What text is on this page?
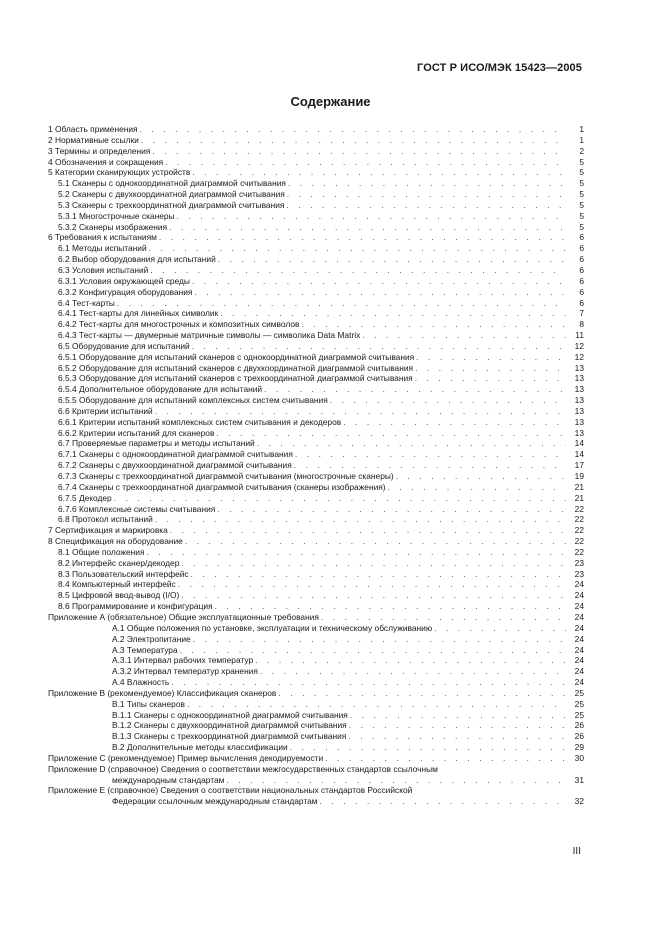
ГОСТ Р ИСО/МЭК 15423—2005
Содержание
1 Область применения . . .	1
2 Нормативные ссылки . . .	1
3 Термины и определения . . .	2
4 Обозначения и сокращения . . .	5
5 Категории сканирующих устройств . . .	5
5.1 Сканеры с однокоординатной диаграммой считывания . . .	5
5.2 Сканеры с двухкоординатной диаграммой считывания . . .	5
5.3 Сканеры с трехкоординатной диаграммой считывания . . .	5
5.3.1 Многострочные сканеры . . .	5
5.3.2 Сканеры изображения . . .	5
6 Требования к испытаниям . . .	6
6.1 Методы испытаний . . .	6
6.2 Выбор оборудования для испытаний . . .	6
6.3 Условия испытаний . . .	6
6.3.1 Условия окружающей среды . . .	6
6.3.2 Конфигурация оборудования . . .	6
6.4 Тест-карты . . .	6
6.4.1 Тест-карты для линейных символик . . .	7
6.4.2 Тест-карты для многострочных и композитных символов . . .	8
6.4.3 Тест-карты — двумерные матричные символы — символика Data Matrix . . .	11
6.5 Оборудование для испытаний . . .	12
6.5.1 Оборудование для испытаний сканеров с однокоординатной диаграммой считывания . . .	12
6.5.2 Оборудование для испытаний сканеров с двухкоординатной диаграммой считывания . . .	13
6.5.3 Оборудование для испытаний сканеров с трехкоординатной диаграммой считывания . . .	13
6.5.4 Дополнительное оборудование для испытаний . . .	13
6.5.5 Оборудование для испытаний комплексных систем считывания . . .	13
6.6 Критерии испытаний . . .	13
6.6.1 Критерии испытаний комплексных систем считывания и декодеров . . .	13
6.6.2 Критерии испытаний для сканеров . . .	13
6.7 Проверяемые параметры и методы испытаний . . .	14
6.7.1 Сканеры с однокоординатной диаграммой считывания . . .	14
6.7.2 Сканеры с двухкоординатной диаграммой считывания . . .	17
6.7.3 Сканеры с трехкоординатной диаграммой считывания (многострочные сканеры) . . .	19
6.7.4 Сканеры с трехкоординатной диаграммой считывания (сканеры изображения) . . .	21
6.7.5 Декодер . . .	21
6.7.6 Комплексные системы считывания . . .	22
6.8 Протокол испытаний . . .	22
7 Сертификация и маркировка . . .	22
8 Спецификация на оборудование . . .	22
8.1 Общие положения . . .	22
8.2 Интерфейс сканер/декодер . . .	23
8.3 Пользовательский интерфейс . . .	23
8.4 Компьютерный интерфейс . . .	24
8.5 Цифровой ввод-вывод (I/O) . . .	24
8.6 Программирование и конфигурация . . .	24
Приложение А (обязательное) Общие эксплуатационные требования . . .	24
А.1 Общие положения по установке, эксплуатации и техническому обслуживанию . . .	24
А.2 Электропитание . . .	24
А.3 Температура . . .	24
А.3.1 Интервал рабочих температур . . .	24
А.3.2 Интервал температур хранения . . .	24
А.4 Влажность . . .	24
Приложение В (рекомендуемое) Классификация сканеров . . .	25
В.1 Типы сканеров . . .	25
В.1.1 Сканеры с однокоординатной диаграммой считывания . . .	25
В.1.2 Сканеры с двухкоординатной диаграммой считывания . . .	26
В.1.3 Сканеры с трехкоординатной диаграммой считывания . . .	26
В.2 Дополнительные методы классификации . . .	29
Приложение С (рекомендуемое) Пример вычисления декодируемости . . .	30
Приложение D (справочное) Сведения о соответствии межгосударственных стандартов ссылочным
международным стандартам . . .	31
Приложение Е (справочное) Сведения о соответствии национальных стандартов Российской
Федерации ссылочным международным стандартам . . .	32
III
